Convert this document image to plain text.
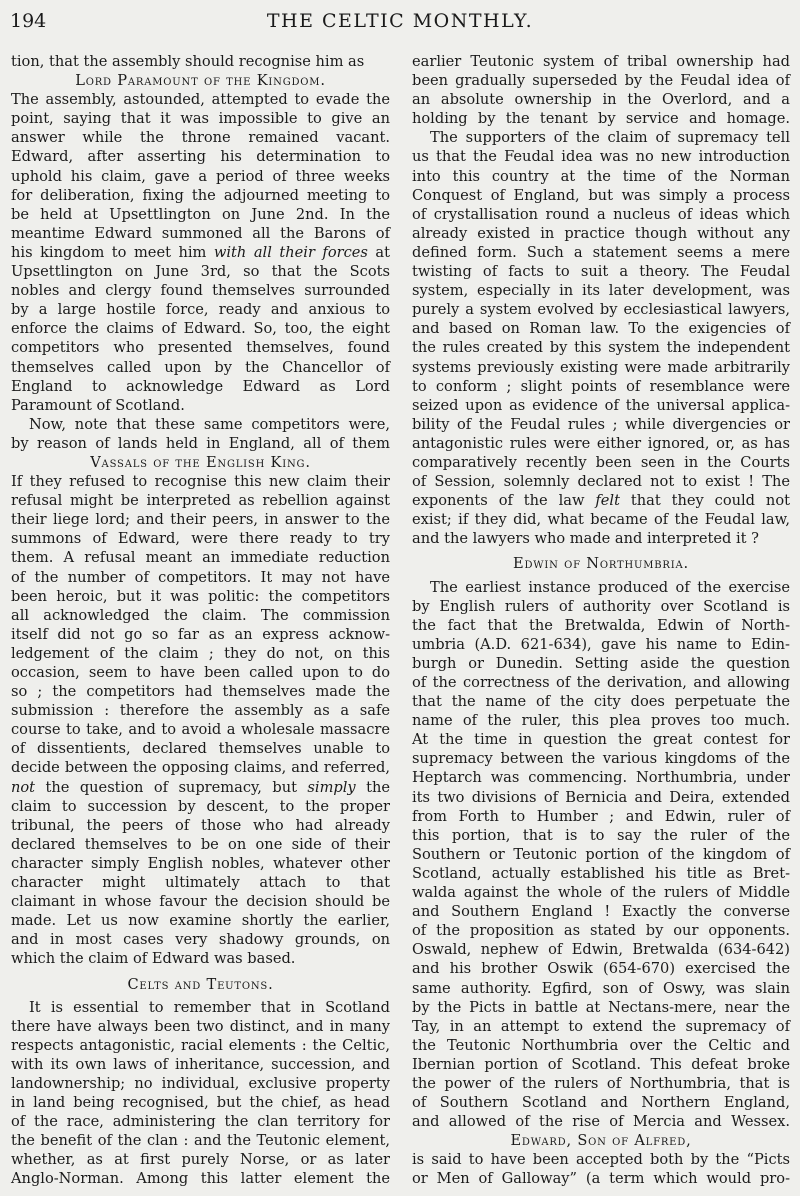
194	THE CELTIC MONTHLY.
tion, that the assembly should recognise him as
Lord Paramount of the Kingdom.
The assembly, astounded, attempted to evade the
point, saying that it was impossible to give an
answer while the throne remained vacant.
Edward, after asserting his determination to
uphold his claim, gave a period of three weeks
for deliberation, fixing the adjourned meeting to
be held at Upsettlington on June 2nd. In the
meantime Edward summoned all the Barons of
his kingdom to meet him with all their forces at
Upsettlington on June 3rd, so that the Scots
nobles and clergy found themselves surrounded
by a large hostile force, ready and anxious to
enforce the claims of Edward. So, too, the eight
competitors who presented themselves, found
themselves called upon by the Chancellor of
England to acknowledge Edward as Lord
Paramount of Scotland.
Now, note that these same competitors were,
by reason of lands held in England, all of them
Vassals of the English King.
If they refused to recognise this new claim their
refusal might be interpreted as rebellion against
their liege lord; and their peers, in answer to the
summons of Edward, were there ready to try
them. A refusal meant an immediate reduction
of the number of competitors. It may not have
been heroic, but it was politic: the competitors
all acknowledged the claim. The commission
itself did not go so far as an express acknow-
ledgement of the claim ; they do not, on this
occasion, seem to have been called upon to do
so ; the competitors had themselves made the
submission : therefore the assembly as a safe
course to take, and to avoid a wholesale massacre
of dissentients, declared themselves unable to
decide between the opposing claims, and referred,
not the question of supremacy, but simply the
claim to succession by descent, to the proper
tribunal, the peers of those who had already
declared themselves to be on one side of their
character simply English nobles, whatever other
character might ultimately attach to that
claimant in whose favour the decision should be
made. Let us now examine shortly the earlier,
and in most cases very shadowy grounds, on
which the claim of Edward was based.
Celts and Teutons.
It is essential to remember that in Scotland
there have always been two distinct, and in many
respects antagonistic, racial elements : the Celtic,
with its own laws of inheritance, succession, and
landownership; no individual, exclusive property
in land being recognised, but the chief, as head
of the race, administering the clan territory for
the benefit of the clan : and the Teutonic element,
whether, as at first purely Norse, or as later
Anglo-Norman. Among this latter element the
earlier Teutonic system of tribal ownership had
been gradually superseded by the Feudal idea of
an absolute ownership in the Overlord, and a
holding by the tenant by service and homage.
The supporters of the claim of supremacy tell
us that the Feudal idea was no new introduction
into this country at the time of the Norman
Conquest of England, but was simply a process
of crystallisation round a nucleus of ideas which
already existed in practice though without any
defined form. Such a statement seems a mere
twisting of facts to suit a theory. The Feudal
system, especially in its later development, was
purely a system evolved by ecclesiastical lawyers,
and based on Roman law. To the exigencies of
the rules created by this system the independent
systems previously existing were made arbitrarily
to conform ; slight points of resemblance were
seized upon as evidence of the universal applica-
bility of the Feudal rules ; while divergencies or
antagonistic rules were either ignored, or, as has
comparatively recently been seen in the Courts
of Session, solemnly declared not to exist ! The
exponents of the law felt that they could not
exist; if they did, what became of the Feudal law,
and the lawyers who made and interpreted it ?
Edwin of Northumbria.
The earliest instance produced of the exercise
by English rulers of authority over Scotland is
the fact that the Bretwalda, Edwin of North-
umbria (A.D. 621-634), gave his name to Edin-
burgh or Dunedin. Setting aside the question
of the correctness of the derivation, and allowing
that the name of the city does perpetuate the
name of the ruler, this plea proves too much.
At the time in question the great contest for
supremacy between the various kingdoms of the
Heptarch was commencing. Northumbria, under
its two divisions of Bernicia and Deira, extended
from Forth to Humber ; and Edwin, ruler of
this portion, that is to say the ruler of the
Southern or Teutonic portion of the kingdom of
Scotland, actually established his title as Bret-
walda against the whole of the rulers of Middle
and Southern England ! Exactly the converse
of the proposition as stated by our opponents.
Oswald, nephew of Edwin, Bretwalda (634-642)
and his brother Oswik (654-670) exercised the
same authority. Egfird, son of Oswy, was slain
by the Picts in battle at Nectans-mere, near the
Tay, in an attempt to extend the supremacy of
the Teutonic Northumbria over the Celtic and
Ibernian portion of Scotland. This defeat broke
the power of the rulers of Northumbria, that is
of Southern Scotland and Northern England,
and allowed of the rise of Mercia and Wessex.
Edward, Son of Alfred,
is said to have been accepted both by the “Picts
or Men of Galloway” (a term which would pro-
